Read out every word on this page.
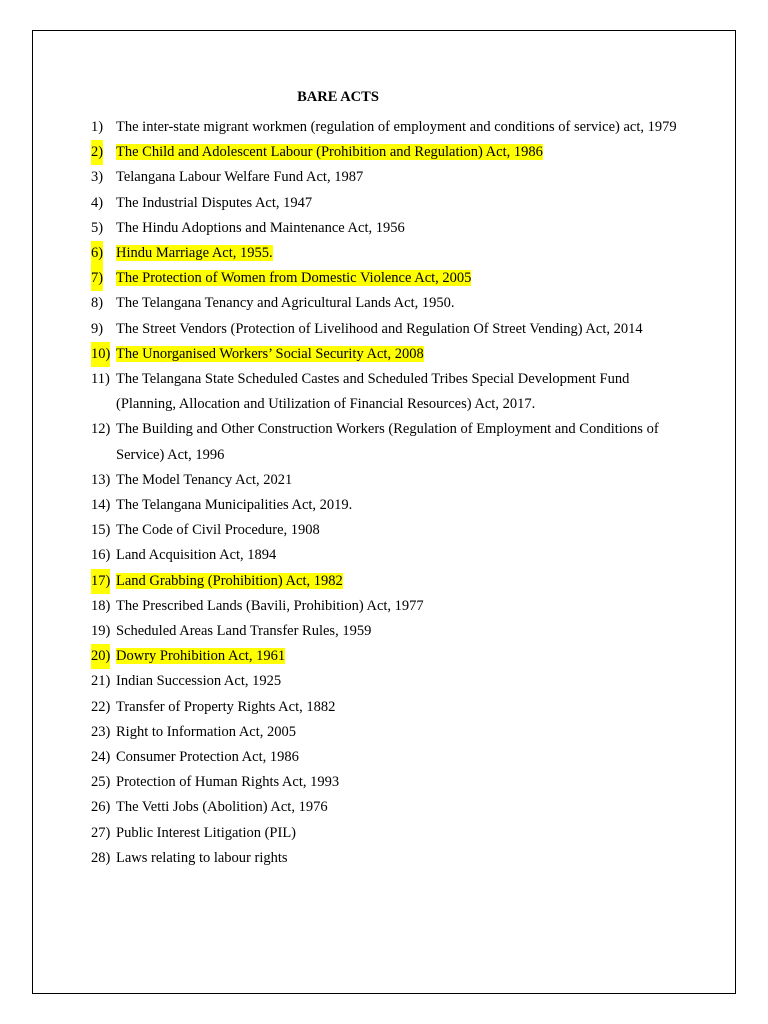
BARE ACTS
1) The inter-state migrant workmen (regulation of employment and conditions of service) act, 1979
2) The Child and Adolescent Labour (Prohibition and Regulation) Act, 1986
3) Telangana Labour Welfare Fund Act, 1987
4) The Industrial Disputes Act, 1947
5) The Hindu Adoptions and Maintenance Act, 1956
6) Hindu Marriage Act, 1955.
7) The Protection of Women from Domestic Violence Act, 2005
8) The Telangana Tenancy and Agricultural Lands Act, 1950.
9) The Street Vendors (Protection of Livelihood and Regulation Of Street Vending) Act, 2014
10) The Unorganised Workers’ Social Security Act, 2008
11) The Telangana State Scheduled Castes and Scheduled Tribes Special Development Fund (Planning, Allocation and Utilization of Financial Resources) Act, 2017.
12) The Building and Other Construction Workers (Regulation of Employment and Conditions of Service) Act, 1996
13) The Model Tenancy Act, 2021
14) The Telangana Municipalities Act, 2019.
15) The Code of Civil Procedure, 1908
16) Land Acquisition Act, 1894
17) Land Grabbing (Prohibition) Act, 1982
18) The Prescribed Lands (Bavili, Prohibition) Act, 1977
19) Scheduled Areas Land Transfer Rules, 1959
20) Dowry Prohibition Act, 1961
21) Indian Succession Act, 1925
22) Transfer of Property Rights Act, 1882
23) Right to Information Act, 2005
24) Consumer Protection Act, 1986
25) Protection of Human Rights Act, 1993
26) The Vetti Jobs (Abolition) Act, 1976
27) Public Interest Litigation (PIL)
28) Laws relating to labour rights
